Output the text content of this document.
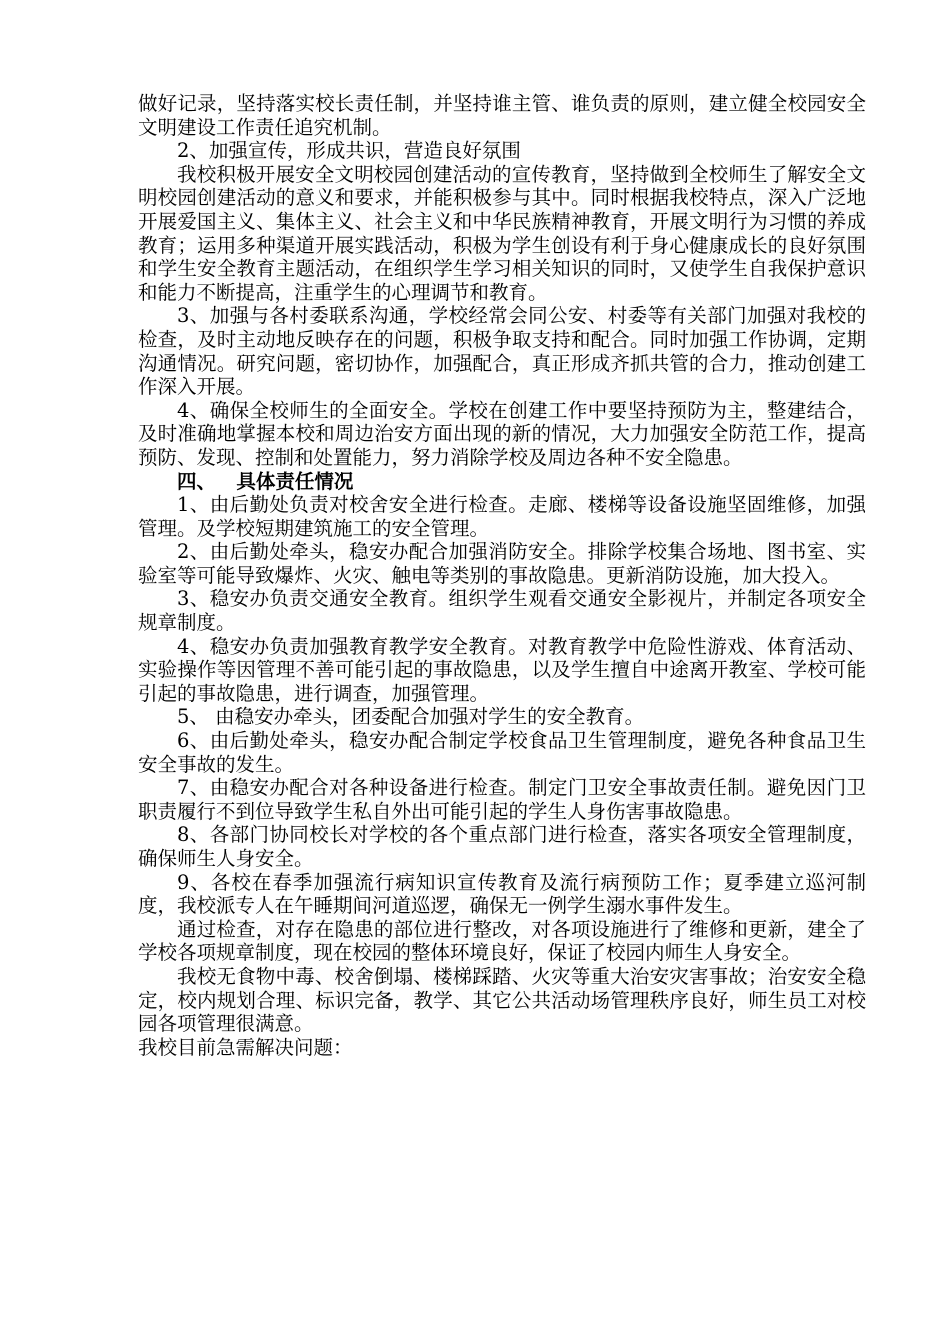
做好记录，坚持落实校长责任制，并坚持谁主管、谁负责的原则，建立健全校园安全文明建设工作责任追究机制。

2、加强宣传，形成共识，营造良好氛围

我校积极开展安全文明校园创建活动的宣传教育，坚持做到全校师生了解安全文明校园创建活动的意义和要求，并能积极参与其中。同时根据我校特点，深入广泛地开展爱国主义、集体主义、社会主义和中华民族精神教育，开展文明行为习惯的养成教育；运用多种渠道开展实践活动，积极为学生创设有利于身心健康成长的良好氛围和学生安全教育主题活动，在组织学生学习相关知识的同时，又使学生自我保护意识和能力不断提高，注重学生的心理调节和教育。

3、加强与各村委联系沟通，学校经常会同公安、村委等有关部门加强对我校的检查，及时主动地反映存在的问题，积极争取支持和配合。同时加强工作协调，定期沟通情况。研究问题，密切协作，加强配合，真正形成齐抓共管的合力，推动创建工作深入开展。

4、确保全校师生的全面安全。学校在创建工作中要坚持预防为主，整建结合，及时准确地掌握本校和周边治安方面出现的新的情况，大力加强安全防范工作，提高预防、发现、控制和处置能力，努力消除学校及周边各种不安全隐患。

四、   具体责任情况

1、由后勤处负责对校舍安全进行检查。走廊、楼梯等设备设施坚固维修，加强管理。及学校短期建筑施工的安全管理。

2、由后勤处牵头，稳安办配合加强消防安全。排除学校集合场地、图书室、实验室等可能导致爆炸、火灾、触电等类别的事故隐患。更新消防设施，加大投入。

3、稳安办负责交通安全教育。组织学生观看交通安全影视片，并制定各项安全规章制度。

4、稳安办负责加强教育教学安全教育。对教育教学中危险性游戏、体育活动、实验操作等因管理不善可能引起的事故隐患，以及学生擅自中途离开教室、学校可能引起的事故隐患，进行调查，加强管理。

5、 由稳安办牵头，团委配合加强对学生的安全教育。

6、由后勤处牵头，稳安办配合制定学校食品卫生管理制度，避免各种食品卫生安全事故的发生。

7、由稳安办配合对各种设备进行检查。制定门卫安全事故责任制。避免因门卫职责履行不到位导致学生私自外出可能引起的学生人身伤害事故隐患。

8、各部门协同校长对学校的各个重点部门进行检查，落实各项安全管理制度，确保师生人身安全。

9、各校在春季加强流行病知识宣传教育及流行病预防工作；夏季建立巡河制度，我校派专人在午睡期间河道巡逻，确保无一例学生溺水事件发生。

通过检查，对存在隐患的部位进行整改，对各项设施进行了维修和更新，建全了学校各项规章制度，现在校园的整体环境良好，保证了校园内师生人身安全。

我校无食物中毒、校舍倒塌、楼梯踩踏、火灾等重大治安灾害事故；治安安全稳定，校内规划合理、标识完备，教学、其它公共活动场管理秩序良好，师生员工对校园各项管理很满意。

我校目前急需解决问题：
